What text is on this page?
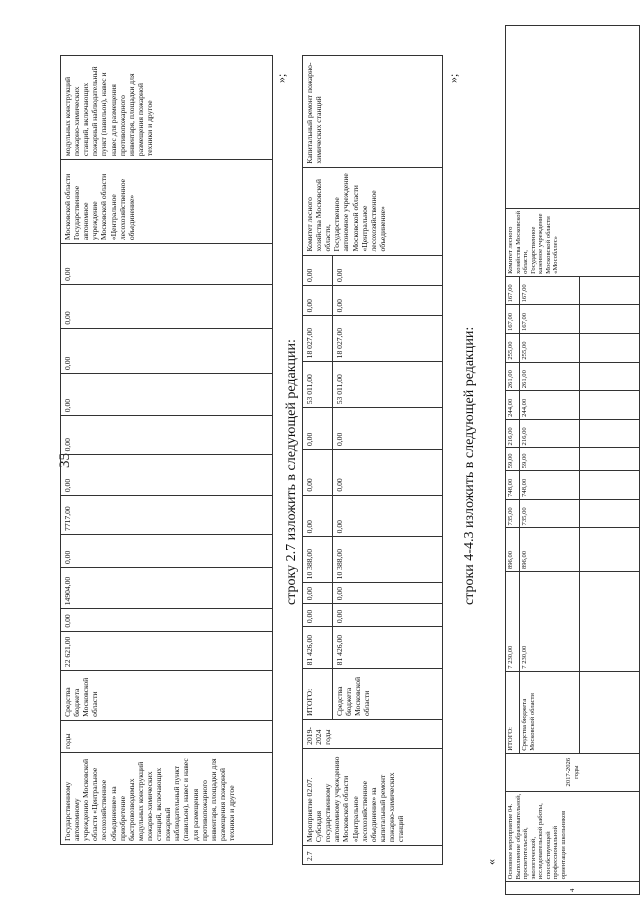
35
Государственному автономному учреждению Московской области «Центральное лесохозяйственное объединение» на приобретение быстровозводимых модульных конструкций пожарно-химических станций, включающих пожарный наблюдательный пункт (павильон), навес и навес для размещения противопожарного инвентаря, площадки для размещения пожарной техники и другое	годы	Средства бюджета Московской области	22 621,00	0,00	14904,00	0,00	7717,00	0,00	0,00	0,00	0,00	0,00	0,00	Московской области Государственное автономное учреждение Московской области «Центральное лесохозяйственное объединение»	модульных конструкций пожарно-химических станций, включающих пожарный наблюдательный пункт (павильон), навес и навес для размещения противопожарного инвентаря, площадки для размещения пожарной техники и другое
»;
строку 2.7 изложить в следующей редакции:
2.7	Мероприятие 02.07. Субсидия государственному автономному учреждению Московской области «Центральное лесохозяйственное объединение» на капитальный ремонт пожарно-химических станций	2019-2024 годы	ИТОГО:	81 426,00	0,00	0,00	10 388,00	0,00	0,00	0,00	53 011,00	18 027,00	0,00	0,00	Комитет лесного хозяйства Московской области, Государственное автономное учреждение Московской области «Центральное лесохозяйственное объединение»	Капитальный ремонт пожарно-химических станций
			Средства бюджета Московской области	81 426,00	0,00	0,00	10 388,00	0,00	0,00	0,00	53 011,00	18 027,00	0,00	0,00		
»;
строки 4-4.3 изложить в следующей редакции:
«
4	Основное мероприятие 04. Выполнение образовательной, просветительской, экологической, исследовательской работы, способствующей профессиональной ориентации школьников	2017-2026 годы	ИТОГО:	7 230,00	896,00	735,00	748,00	59,00	216,00	244,00	261,00	255,00	167,00	167,00	Комитет лесного хозяйства Московской области, Государственное казенное учреждение Московской области «Мособллес»	
			Средства бюджета Московской области	7 230,00	896,00	735,00	748,00	59,00	216,00	244,00	261,00	255,00	167,00	167,00		
